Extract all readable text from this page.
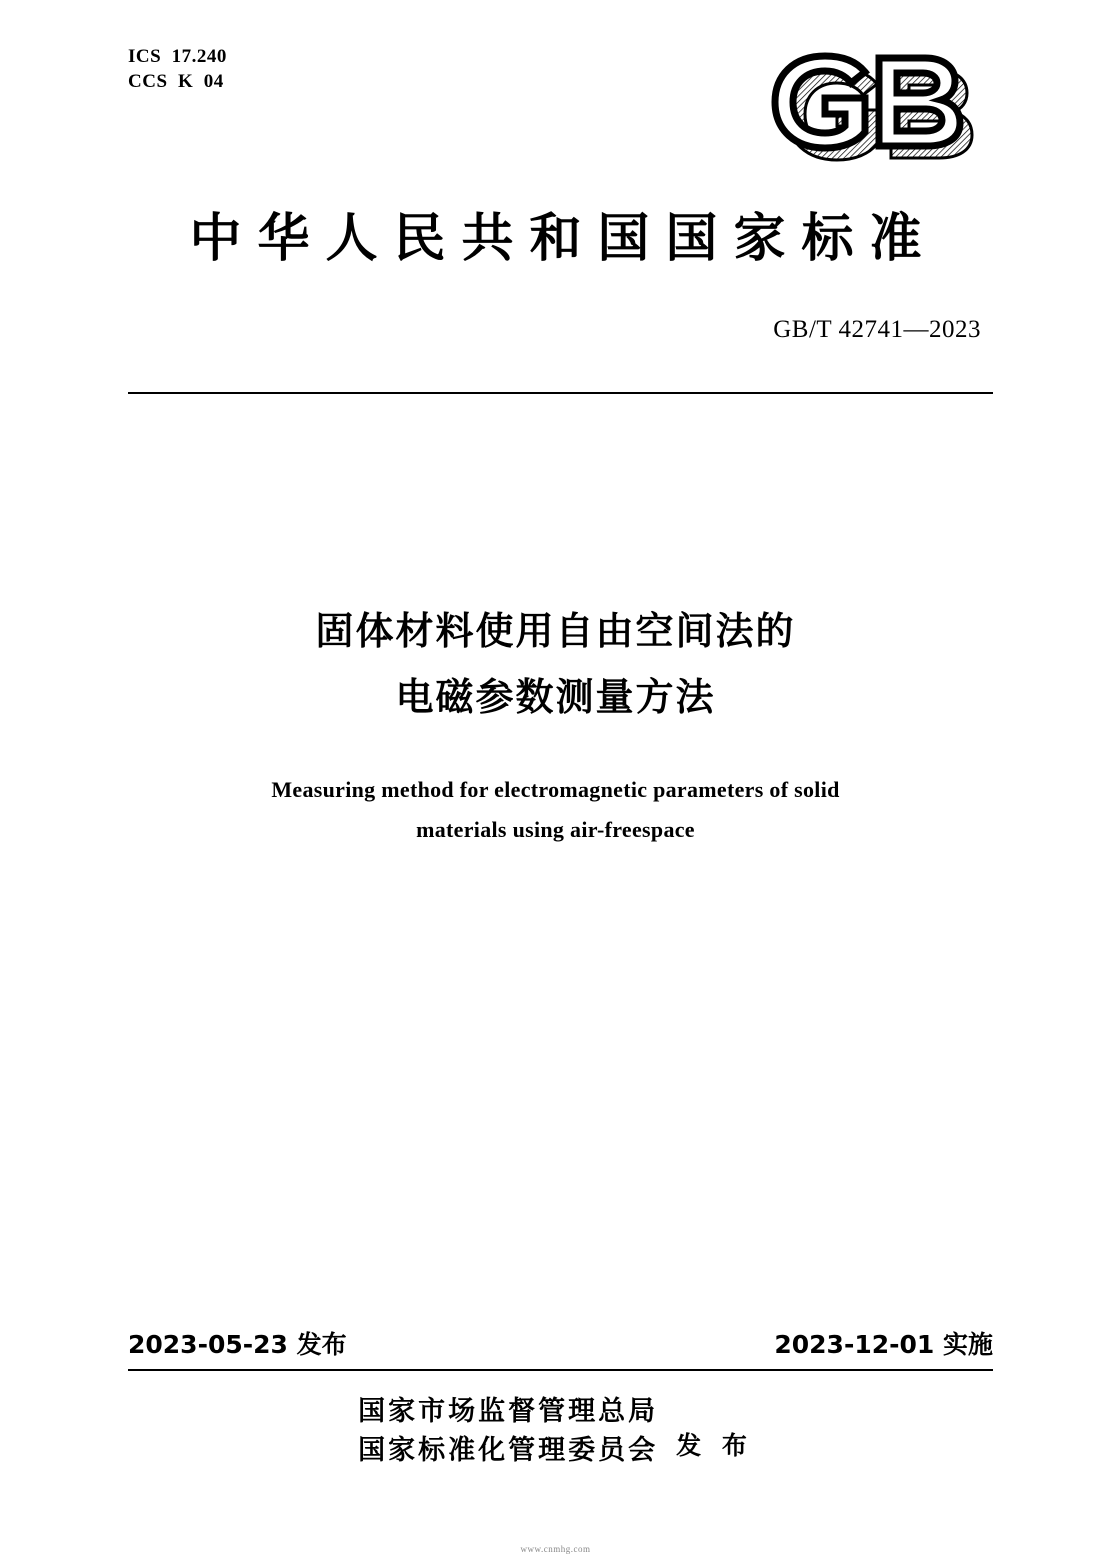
ICS  17.240
CCS  K  04
中华人民共和国国家标准
GB/T 42741—2023
固体材料使用自由空间法的
电磁参数测量方法
Measuring method for electromagnetic parameters of solid
materials using air-freespace
2023-05-23 发布	2023-12-01 实施
国家市场监督管理总局
国家标准化管理委员会 发 布
www.cnmhg.com
